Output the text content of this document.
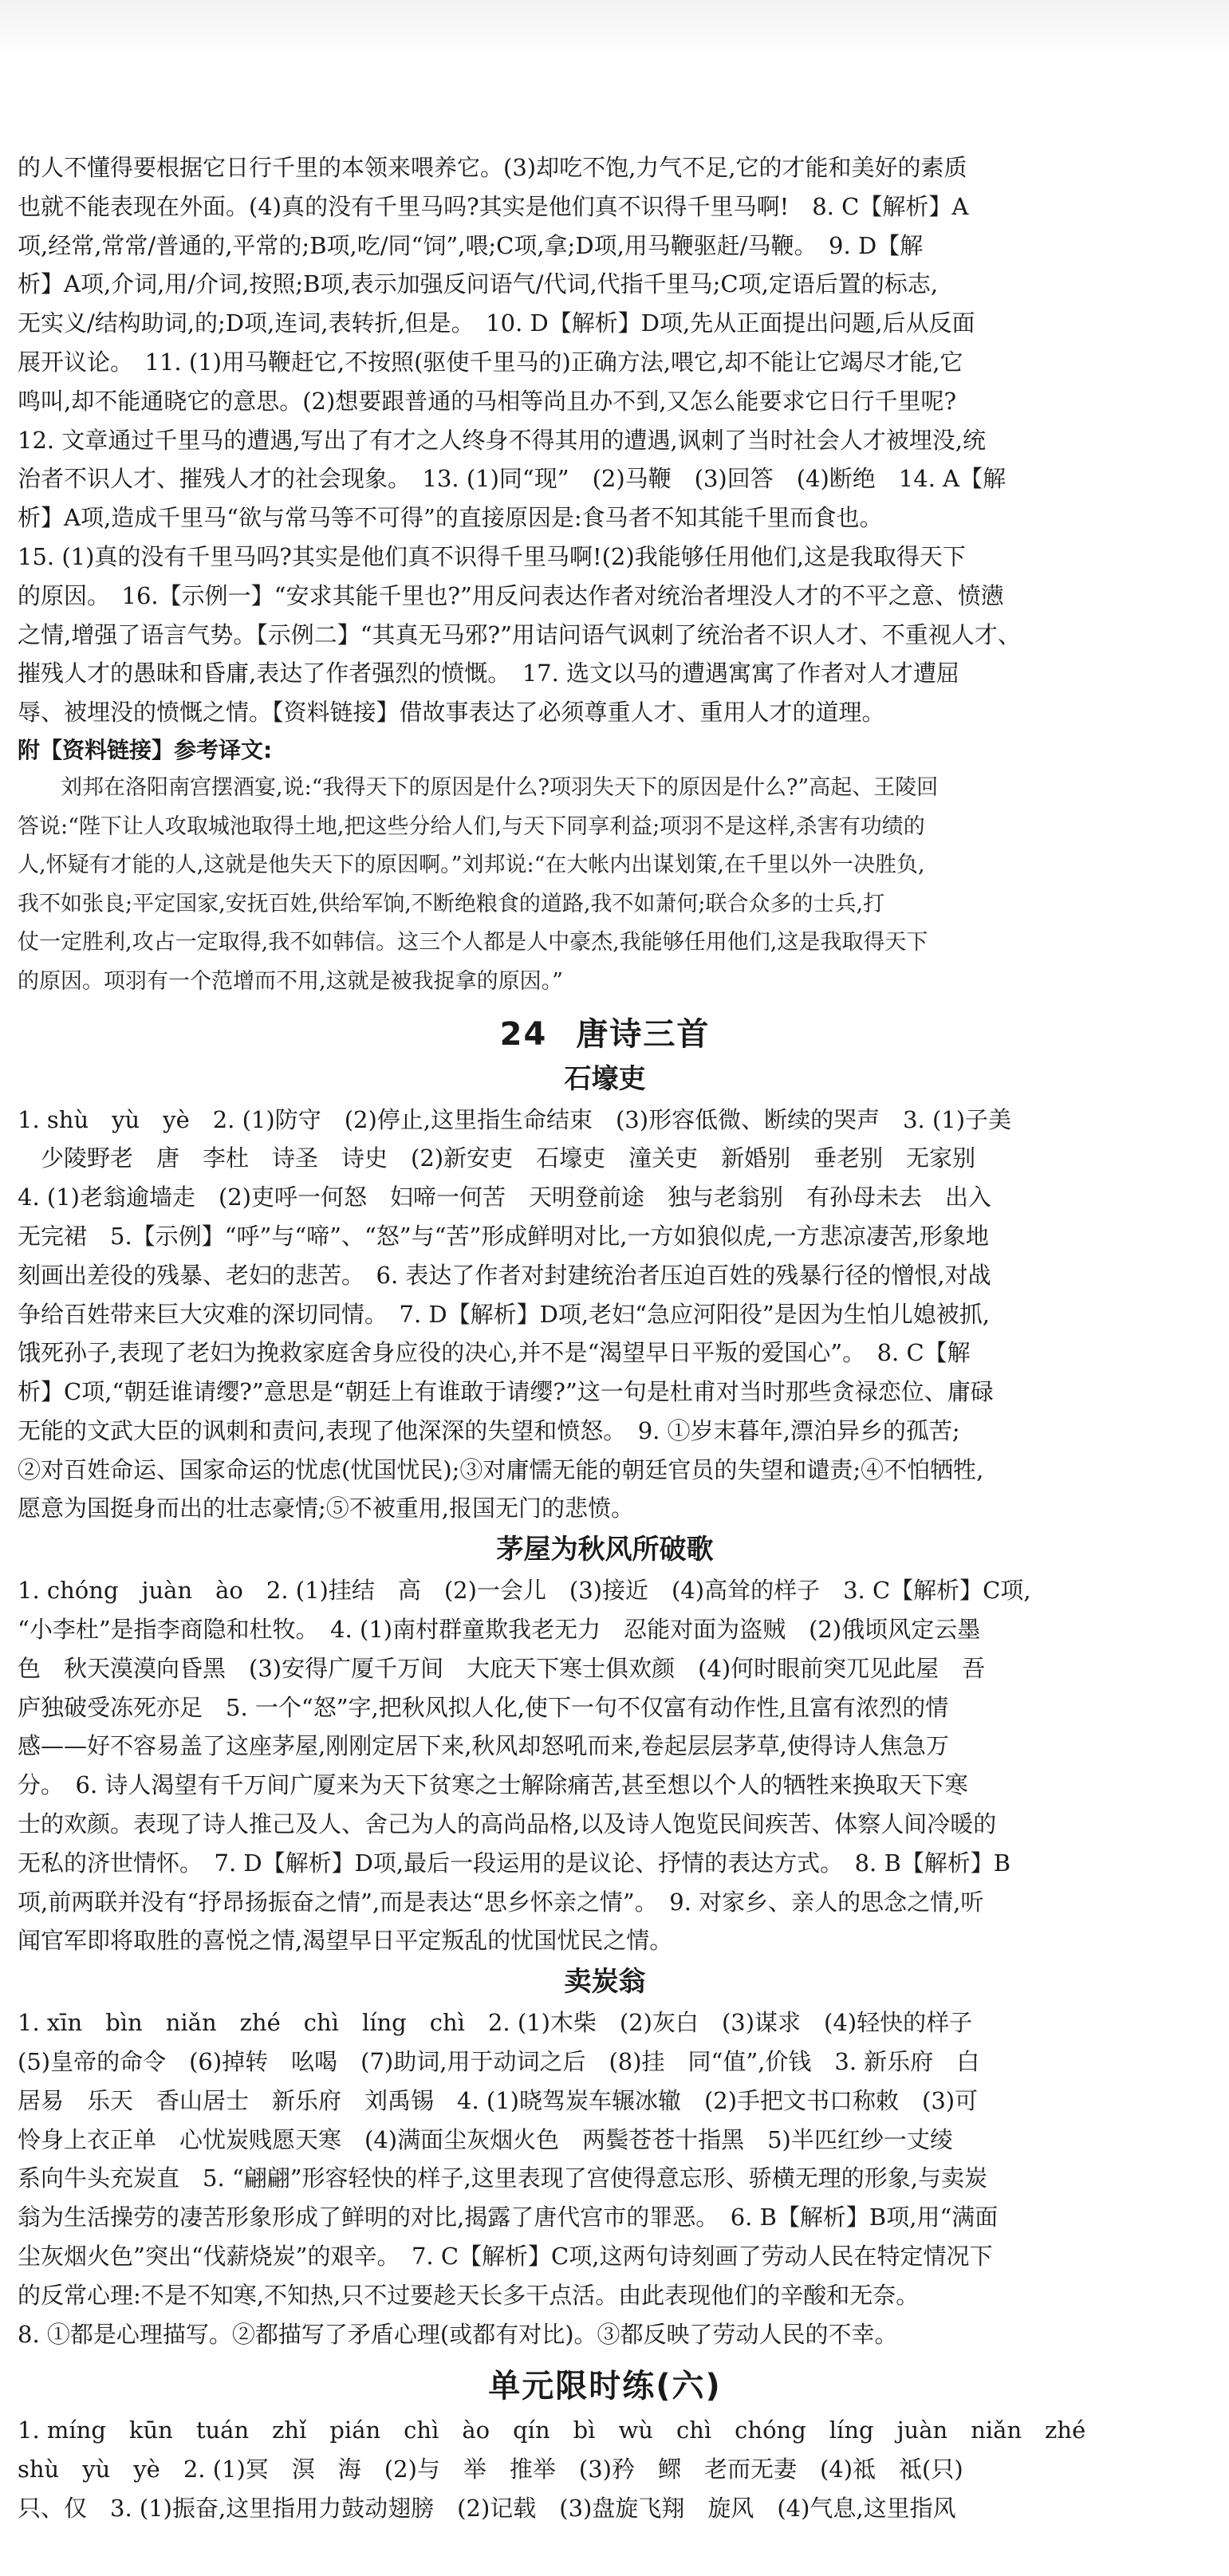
的人不懂得要根据它日行千里的本领来喂养它。(3)却吃不饱,力气不足,它的才能和美好的素质

也就不能表现在外面。(4)真的没有千里马吗?其实是他们真不识得千里马啊!　8. C【解析】A

项,经常,常常/普通的,平常的;B项,吃/同“饲”,喂;C项,拿;D项,用马鞭驱赶/马鞭。　9. D【解

析】A项,介词,用/介词,按照;B项,表示加强反问语气/代词,代指千里马;C项,定语后置的标志,

无实义/结构助词,的;D项,连词,表转折,但是。　10. D【解析】D项,先从正面提出问题,后从反面

展开议论。　11. (1)用马鞭赶它,不按照(驱使千里马的)正确方法,喂它,却不能让它竭尽才能,它

鸣叫,却不能通晓它的意思。(2)想要跟普通的马相等尚且办不到,又怎么能要求它日行千里呢?

12. 文章通过千里马的遭遇,写出了有才之人终身不得其用的遭遇,讽刺了当时社会人才被埋没,统

治者不识人才、摧残人才的社会现象。　13. (1)同“现”　(2)马鞭　(3)回答　(4)断绝　14. A【解

析】A项,造成千里马“欲与常马等不可得”的直接原因是:食马者不知其能千里而食也。

15. (1)真的没有千里马吗?其实是他们真不识得千里马啊!(2)我能够任用他们,这是我取得天下

的原因。　16.【示例一】“安求其能千里也?”用反问表达作者对统治者埋没人才的不平之意、愤懑

之情,增强了语言气势。【示例二】“其真无马邪?”用诘问语气讽刺了统治者不识人才、不重视人才、

摧残人才的愚昧和昏庸,表达了作者强烈的愤慨。　17. 选文以马的遭遇寓寓了作者对人才遭屈

辱、被埋没的愤慨之情。【资料链接】借故事表达了必须尊重人才、重用人才的道理。

附【资料链接】参考译文:

　　刘邦在洛阳南宫摆酒宴,说:“我得天下的原因是什么?项羽失天下的原因是什么?”高起、王陵回

答说:“陛下让人攻取城池取得土地,把这些分给人们,与天下同享利益;项羽不是这样,杀害有功绩的

人,怀疑有才能的人,这就是他失天下的原因啊。”刘邦说:“在大帐内出谋划策,在千里以外一决胜负,

我不如张良;平定国家,安抚百姓,供给军饷,不断绝粮食的道路,我不如萧何;联合众多的士兵,打

仗一定胜利,攻占一定取得,我不如韩信。这三个人都是人中豪杰,我能够任用他们,这是我取得天下

的原因。项羽有一个范增而不用,这就是被我捉拿的原因。”

24 唐诗三首
石壕吏

1. shù　yù　yè　2. (1)防守　(2)停止,这里指生命结束　(3)形容低微、断续的哭声　3. (1)子美

　少陵野老　唐　李杜　诗圣　诗史　(2)新安吏　石壕吏　潼关吏　新婚别　垂老别　无家别

4. (1)老翁逾墙走　(2)吏呼一何怒　妇啼一何苦　天明登前途　独与老翁别　有孙母未去　出入

无完裙　5.【示例】“呼”与“啼”、“怒”与“苦”形成鲜明对比,一方如狼似虎,一方悲凉凄苦,形象地

刻画出差役的残暴、老妇的悲苦。　6. 表达了作者对封建统治者压迫百姓的残暴行径的憎恨,对战

争给百姓带来巨大灾难的深切同情。　7. D【解析】D项,老妇“急应河阳役”是因为生怕儿媳被抓,

饿死孙子,表现了老妇为挽救家庭舍身应役的决心,并不是“渴望早日平叛的爱国心”。　8. C【解

析】C项,“朝廷谁请缨?”意思是“朝廷上有谁敢于请缨?”这一句是杜甫对当时那些贪禄恋位、庸碌

无能的文武大臣的讽刺和责问,表现了他深深的失望和愤怒。　9. ①岁末暮年,漂泊异乡的孤苦;

②对百姓命运、国家命运的忧虑(忧国忧民);③对庸懦无能的朝廷官员的失望和谴责;④不怕牺牲,

愿意为国挺身而出的壮志豪情;⑤不被重用,报国无门的悲愤。

茅屋为秋风所破歌

1. chóng　juàn　ào　2. (1)挂结　高　(2)一会儿　(3)接近　(4)高耸的样子　3. C【解析】C项,

“小李杜”是指李商隐和杜牧。　4. (1)南村群童欺我老无力　忍能对面为盗贼　(2)俄顷风定云墨

色　秋天漠漠向昏黑　(3)安得广厦千万间　大庇天下寒士俱欢颜　(4)何时眼前突兀见此屋　吾

庐独破受冻死亦足　5. 一个“怒”字,把秋风拟人化,使下一句不仅富有动作性,且富有浓烈的情

感——好不容易盖了这座茅屋,刚刚定居下来,秋风却怒吼而来,卷起层层茅草,使得诗人焦急万

分。　6. 诗人渴望有千万间广厦来为天下贫寒之士解除痛苦,甚至想以个人的牺牲来换取天下寒

士的欢颜。表现了诗人推己及人、舍己为人的高尚品格,以及诗人饱览民间疾苦、体察人间冷暖的

无私的济世情怀。　7. D【解析】D项,最后一段运用的是议论、抒情的表达方式。　8. B【解析】B

项,前两联并没有“抒昂扬振奋之情”,而是表达“思乡怀亲之情”。　9. 对家乡、亲人的思念之情,听

闻官军即将取胜的喜悦之情,渴望早日平定叛乱的忧国忧民之情。

卖炭翁

1. xīn　bìn　niǎn　zhé　chì　líng　chì　2. (1)木柴　(2)灰白　(3)谋求　(4)轻快的样子

(5)皇帝的命令　(6)掉转　吆喝　(7)助词,用于动词之后　(8)挂　同“值”,价钱　3. 新乐府　白

居易　乐天　香山居士　新乐府　刘禹锡　4. (1)晓驾炭车辗冰辙　(2)手把文书口称敕　(3)可

怜身上衣正单　心忧炭贱愿天寒　(4)满面尘灰烟火色　两鬓苍苍十指黑　5)半匹红纱一丈绫

系向牛头充炭直　5. “翩翩”形容轻快的样子,这里表现了宫使得意忘形、骄横无理的形象,与卖炭

翁为生活操劳的凄苦形象形成了鲜明的对比,揭露了唐代宫市的罪恶。　6. B【解析】B项,用“满面

尘灰烟火色”突出“伐薪烧炭”的艰辛。　7. C【解析】C项,这两句诗刻画了劳动人民在特定情况下

的反常心理:不是不知寒,不知热,只不过要趁天长多干点活。由此表现他们的辛酸和无奈。

8. ①都是心理描写。②都描写了矛盾心理(或都有对比)。③都反映了劳动人民的不幸。

单元限时练(六)

1. míng　kūn　tuán　zhǐ　pián　chì　ào　qín　bì　wù　chì　chóng　líng　juàn　niǎn　zhé

shù　yù　yè　2. (1)冥　溟　海　(2)与　举　推举　(3)矜　鳏　老而无妻　(4)祗　祗(只)

只、仅　3. (1)振奋,这里指用力鼓动翅膀　(2)记载　(3)盘旋飞翔　旋风　(4)气息,这里指风
